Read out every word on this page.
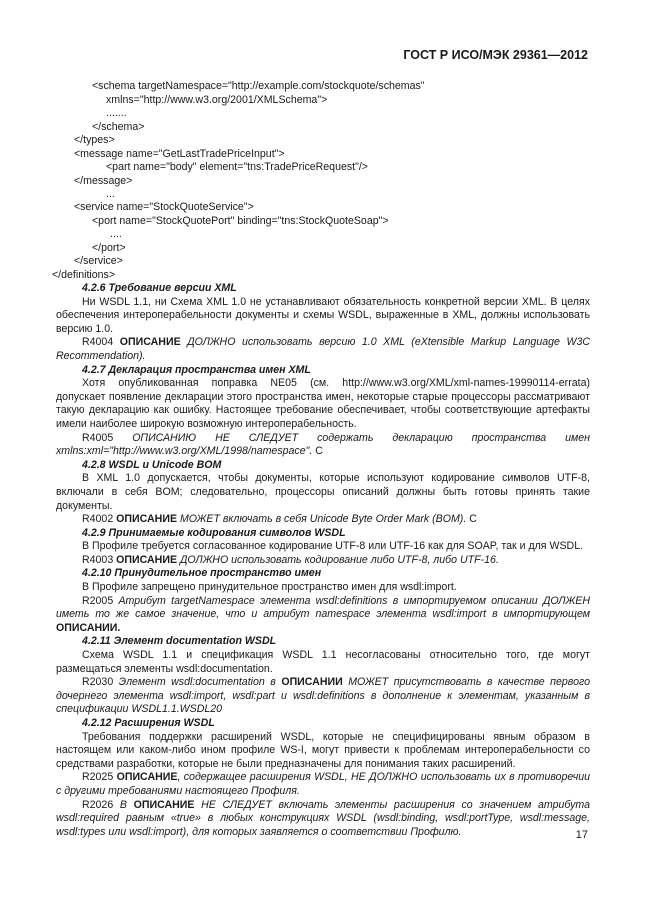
ГОСТ Р ИСО/МЭК 29361—2012
<schema targetNamespace="http://example.com/stockquote/schemas"
xmlns="http://www.w3.org/2001/XMLSchema">
.......
</schema>
</types>
<message name="GetLastTradePriceInput">
<part name="body" element="tns:TradePriceRequest"/>
</message>
...
<service name="StockQuoteService">
<port name="StockQuotePort" binding="tns:StockQuoteSoap">
....
</port>
</service>
</definitions>

4.2.6 Требование версии XML

Ни WSDL 1.1, ни Схема XML 1.0 не устанавливают обязательность конкретной версии XML. В целях обеспечения интероперабельности документы и схемы WSDL, выраженные в XML, должны использовать версию 1.0.

R4004 ОПИСАНИЕ ДОЛЖНО использовать версию 1.0 XML (eXtensible Markup Language W3C Recommendation).

4.2.7 Декларация пространства имен XML

Хотя опубликованная поправка NE05 (см. http://www.w3.org/XML/xml-names-19990114-errata) допускает появление декларации этого пространства имен, некоторые старые процессоры рассматривают такую декларацию как ошибку. Настоящее требование обеспечивает, чтобы соответствующие артефакты имели наиболее широкую возможную интероперабельность.

R4005 ОПИСАНИЮ НЕ СЛЕДУЕТ содержать декларацию пространства имен xmlns:xml="http://www.w3.org/XML/1998/namespace". С

4.2.8 WSDL и Unicode BOM

В XML 1.0 допускается, чтобы документы, которые используют кодирование символов UTF-8, включали в себя BOM; следовательно, процессоры описаний должны быть готовы принять такие документы.

R4002 ОПИСАНИЕ МОЖЕТ включать в себя Unicode Byte Order Mark (BOM). С

4.2.9 Принимаемые кодирования символов WSDL

В Профиле требуется согласованное кодирование UTF-8 или UTF-16 как для SOAP, так и для WSDL.

R4003 ОПИСАНИЕ ДОЛЖНО использовать кодирование либо UTF-8, либо UTF-16.

4.2.10 Принудительное пространство имен

В Профиле запрещено принудительное пространство имен для wsdl:import.

R2005 Атрибут targetNamespace элемента wsdl:definitions в импортируемом описании ДОЛЖЕН иметь то же самое значение, что и атрибут namespace элемента wsdl:import в импортирующем ОПИСАНИИ.

4.2.11 Элемент documentation WSDL

Схема WSDL 1.1 и спецификация WSDL 1.1 несогласованы относительно того, где могут размещаться элементы wsdl:documentation.

R2030 Элемент wsdl:documentation в ОПИСАНИИ МОЖЕТ присутствовать в качестве первого дочернего элемента wsdl:import, wsdl:part и wsdl:definitions в дополнение к элементам, указанным в спецификации WSDL1.1.WSDL20

4.2.12 Расширения WSDL

Требования поддержки расширений WSDL, которые не специфицированы явным образом в настоящем или каком-либо ином профиле WS-I, могут привести к проблемам интероперабельности со средствами разработки, которые не были предназначены для понимания таких расширений.

R2025 ОПИСАНИЕ, содержащее расширения WSDL, НЕ ДОЛЖНО использовать их в противоречии с другими требованиями настоящего Профиля.

R2026 В ОПИСАНИЕ НЕ СЛЕДУЕТ включать элементы расширения со значением атрибута wsdl:required равным «true» в любых конструкциях WSDL (wsdl:binding, wsdl:portType, wsdl:message, wsdl:types или wsdl:import), для которых заявляется о соответствии Профилю.	17
